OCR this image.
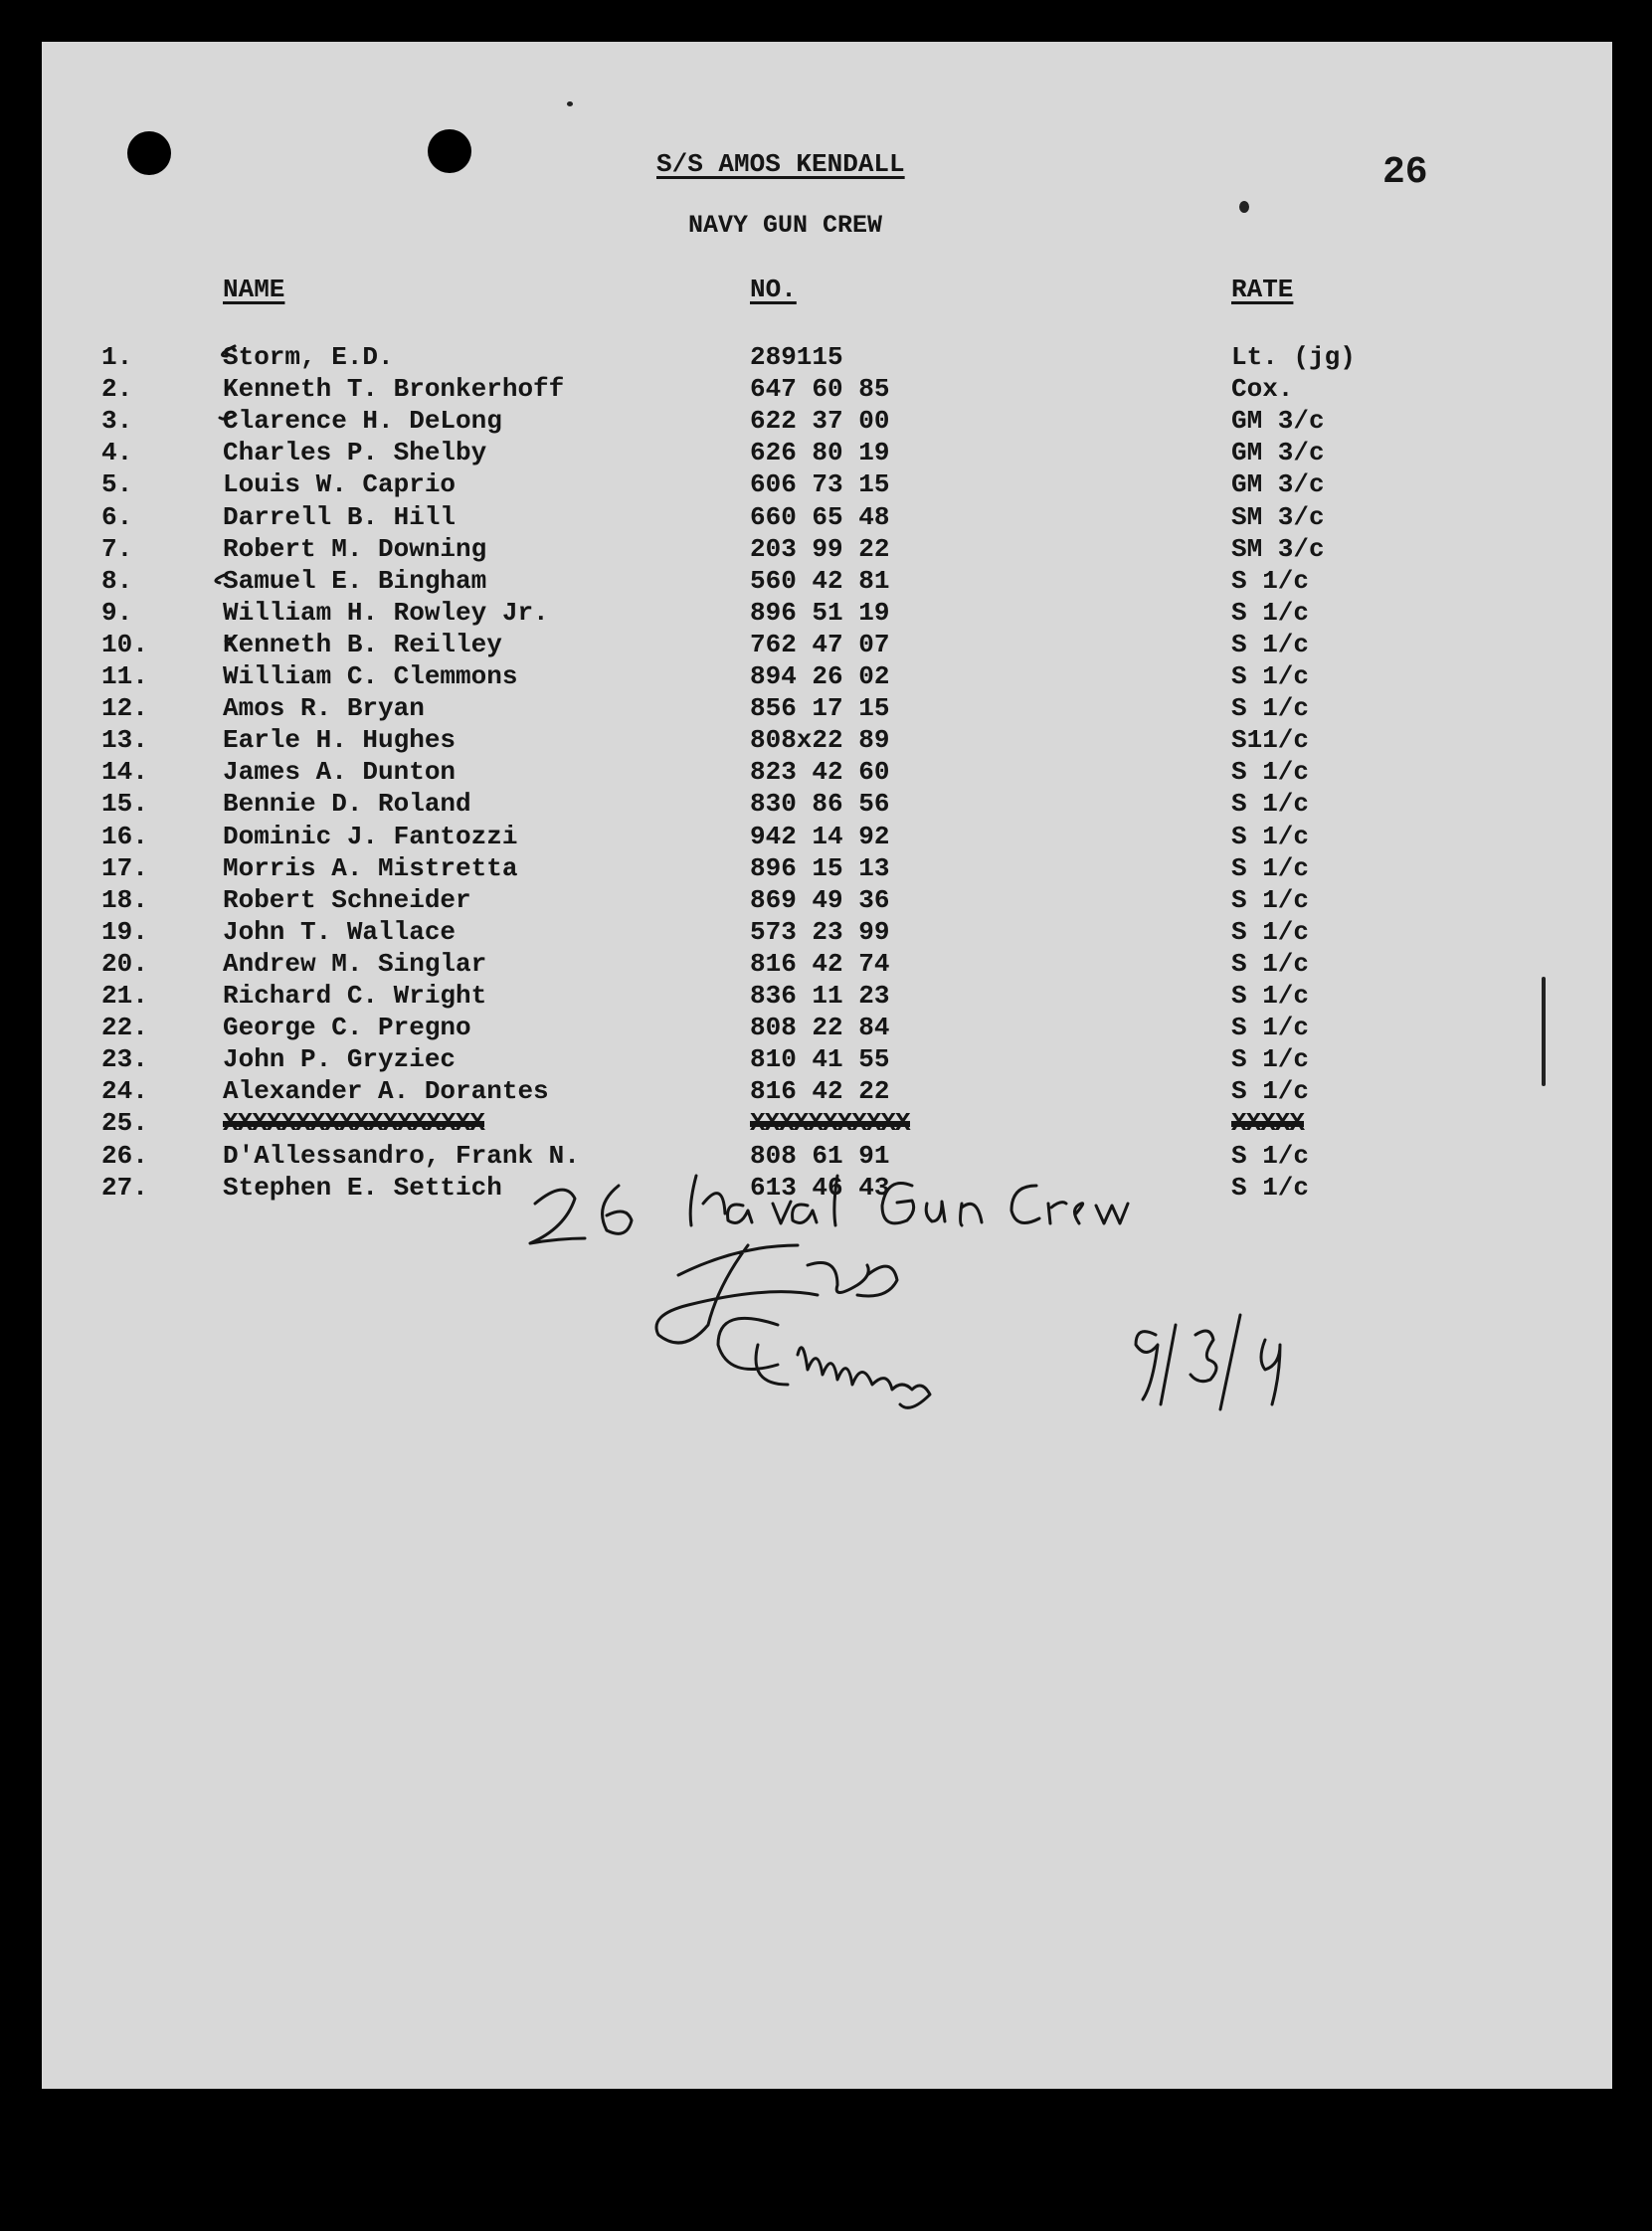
26
S/S AMOS KENDALL
NAVY GUN CREW
NAME	NO.	RATE
1.	Storm, E.D.	289115	Lt. (jg)
2.	Kenneth T. Bronkerhoff	647 60 85	Cox.
3.	Clarence H. DeLong	622 37 00	GM 3/c
4.	Charles P. Shelby	626 80 19	GM 3/c
5.	Louis W. Caprio	606 73 15	GM 3/c
6.	Darrell B. Hill	660 65 48	SM 3/c
7.	Robert M. Downing	203 99 22	SM 3/c
8.	Samuel E. Bingham	560 42 81	S 1/c
9.	William H. Rowley Jr.	896 51 19	S 1/c
10.	Kenneth B. Reilley	762 47 07	S 1/c
11.	William C. Clemmons	894 26 02	S 1/c
12.	Amos R. Bryan	856 17 15	S 1/c
13.	Earle H. Hughes	808x22 89	S11/c
14.	James A. Dunton	823 42 60	S 1/c
15.	Bennie D. Roland	830 86 56	S 1/c
16.	Dominic J. Fantozzi	942 14 92	S 1/c
17.	Morris A. Mistretta	896 15 13	S 1/c
18.	Robert Schneider	869 49 36	S 1/c
19.	John T. Wallace	573 23 99	S 1/c
20.	Andrew M. Singlar	816 42 74	S 1/c
21.	Richard C. Wright	836 11 23	S 1/c
22.	George C. Pregno	808 22 84	S 1/c
23.	John P. Gryziec	810 41 55	S 1/c
24.	Alexander A. Dorantes	816 42 22	S 1/c
25.	XXXXXXXXXXXXXXXXXX	XXXXXXXXXXX	XXXXX
26.	D'Allessandro, Frank N.	808 61 91	S 1/c
27.	Stephen E. Settich	613 46 43	S 1/c
